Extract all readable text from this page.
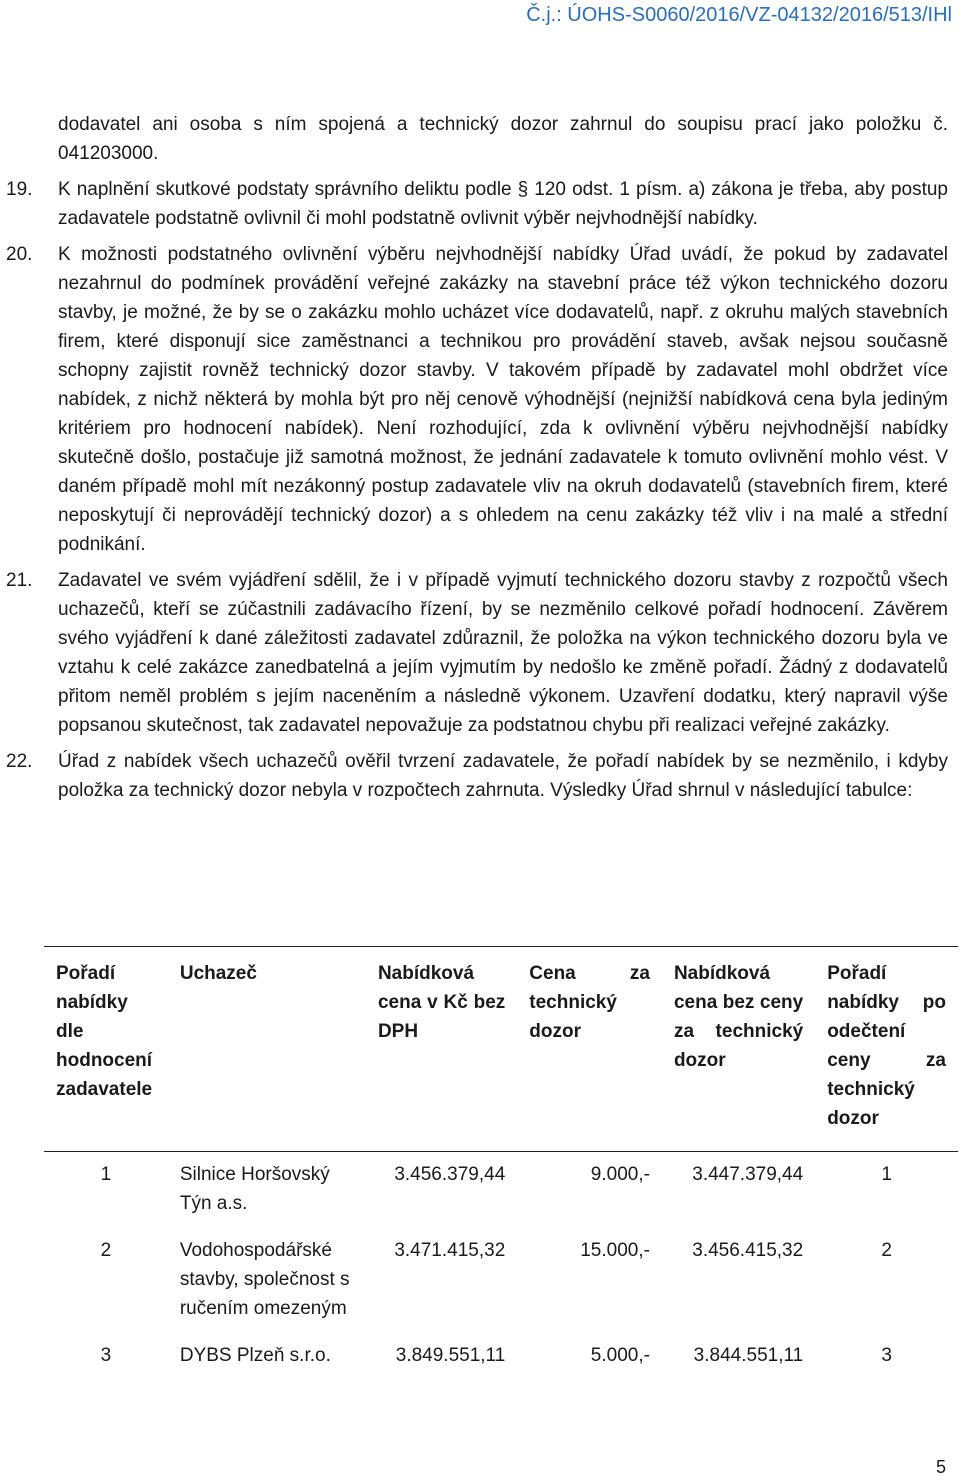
Č.j.: ÚOHS-S0060/2016/VZ-04132/2016/513/IHl

dodavatel ani osoba s ním spojená a technický dozor zahrnul do soupisu prací jako položku č. 041203000.

19.	K naplnění skutkové podstaty správního deliktu podle § 120 odst. 1 písm. a) zákona je třeba, aby postup zadavatele podstatně ovlivnil či mohl podstatně ovlivnit výběr nejvhodnější nabídky.

20.	K možnosti podstatného ovlivnění výběru nejvhodnější nabídky Úřad uvádí, že pokud by zadavatel nezahrnul do podmínek provádění veřejné zakázky na stavební práce též výkon technického dozoru stavby, je možné, že by se o zakázku mohlo ucházet více dodavatelů, např. z okruhu malých stavebních firem, které disponují sice zaměstnanci a technikou pro provádění staveb, avšak nejsou současně schopny zajistit rovněž technický dozor stavby. V takovém případě by zadavatel mohl obdržet více nabídek, z nichž některá by mohla být pro něj cenově výhodnější (nejnižší nabídková cena byla jediným kritériem pro hodnocení nabídek). Není rozhodující, zda k ovlivnění výběru nejvhodnější nabídky skutečně došlo, postačuje již samotná možnost, že jednání zadavatele k tomuto ovlivnění mohlo vést. V daném případě mohl mít nezákonný postup zadavatele vliv na okruh dodavatelů (stavebních firem, které neposkytují či neprovádějí technický dozor) a s ohledem na cenu zakázky též vliv i na malé a střední podnikání.

21.	Zadavatel ve svém vyjádření sdělil, že i v případě vyjmutí technického dozoru stavby z rozpočtů všech uchazečů, kteří se zúčastnili zadávacího řízení, by se nezměnilo celkové pořadí hodnocení. Závěrem svého vyjádření k dané záležitosti zadavatel zdůraznil, že položka na výkon technického dozoru byla ve vztahu k celé zakázce zanedbatelná a jejím vyjmutím by nedošlo ke změně pořadí. Žádný z dodavatelů přitom neměl problém s jejím naceněním a následně výkonem. Uzavření dodatku, který napravil výše popsanou skutečnost, tak zadavatel nepovažuje za podstatnou chybu při realizaci veřejné zakázky.

22.	Úřad z nabídek všech uchazečů ověřil tvrzení zadavatele, že pořadí nabídek by se nezměnilo, i kdyby položka za technický dozor nebyla v rozpočtech zahrnuta. Výsledky Úřad shrnul v následující tabulce:

Pořadí nabídky dle hodnocení zadavatele	Uchazeč	Nabídková cena v Kč bez DPH	Cena za technický dozor	Nabídková cena bez ceny za technický dozor	Pořadí nabídky po odečtení ceny za technický dozor
1	Silnice Horšovský Týn a.s.	3.456.379,44	9.000,-	3.447.379,44	1
2	Vodohospodářské stavby, společnost s ručením omezeným	3.471.415,32	15.000,-	3.456.415,32	2
3	DYBS Plzeň s.r.o.	3.849.551,11	5.000,-	3.844.551,11	3
5
